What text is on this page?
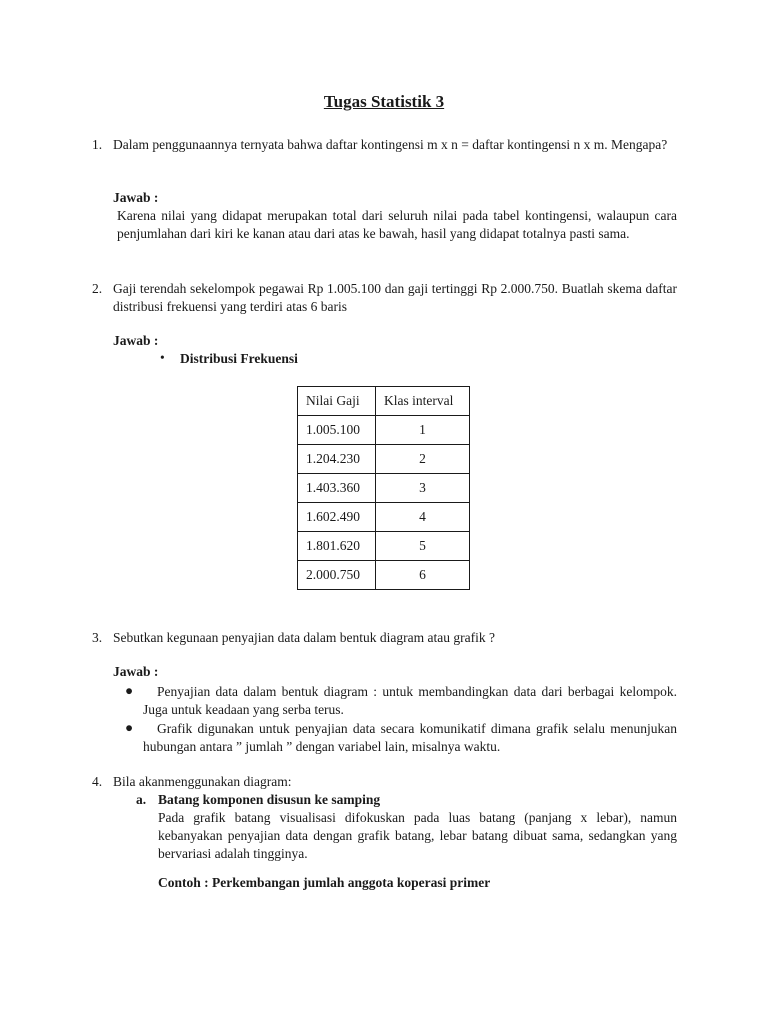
Tugas Statistik 3
1. Dalam penggunaannya ternyata bahwa daftar kontingensi m x n = daftar kontingensi n x m. Mengapa?
Jawab :
Karena nilai yang didapat merupakan total dari seluruh nilai pada tabel kontingensi, walaupun cara penjumlahan dari kiri ke kanan atau dari atas ke bawah, hasil yang didapat totalnya pasti sama.
2. Gaji terendah sekelompok pegawai Rp 1.005.100 dan gaji tertinggi Rp 2.000.750. Buatlah skema daftar distribusi frekuensi yang terdiri atas 6 baris
Jawab :
• Distribusi Frekuensi
Nilai Gaji	Klas interval
1.005.100	1
1.204.230	2
1.403.360	3
1.602.490	4
1.801.620	5
2.000.750	6
3. Sebutkan kegunaan penyajian data dalam bentuk diagram atau grafik ?
Jawab :
●	Penyajian data dalam bentuk diagram : untuk membandingkan data dari berbagai kelompok. Juga untuk keadaan yang serba terus.
●	Grafik digunakan untuk penyajian data secara komunikatif dimana grafik selalu menunjukan hubungan antara ” jumlah ” dengan variabel lain, misalnya waktu.
4. Bila akanmenggunakan diagram:
a. Batang komponen disusun ke samping
Pada grafik batang visualisasi difokuskan pada luas batang (panjang x lebar), namun kebanyakan penyajian data dengan grafik batang, lebar batang dibuat sama, sedangkan yang bervariasi adalah tingginya.
Contoh : Perkembangan jumlah anggota koperasi primer
